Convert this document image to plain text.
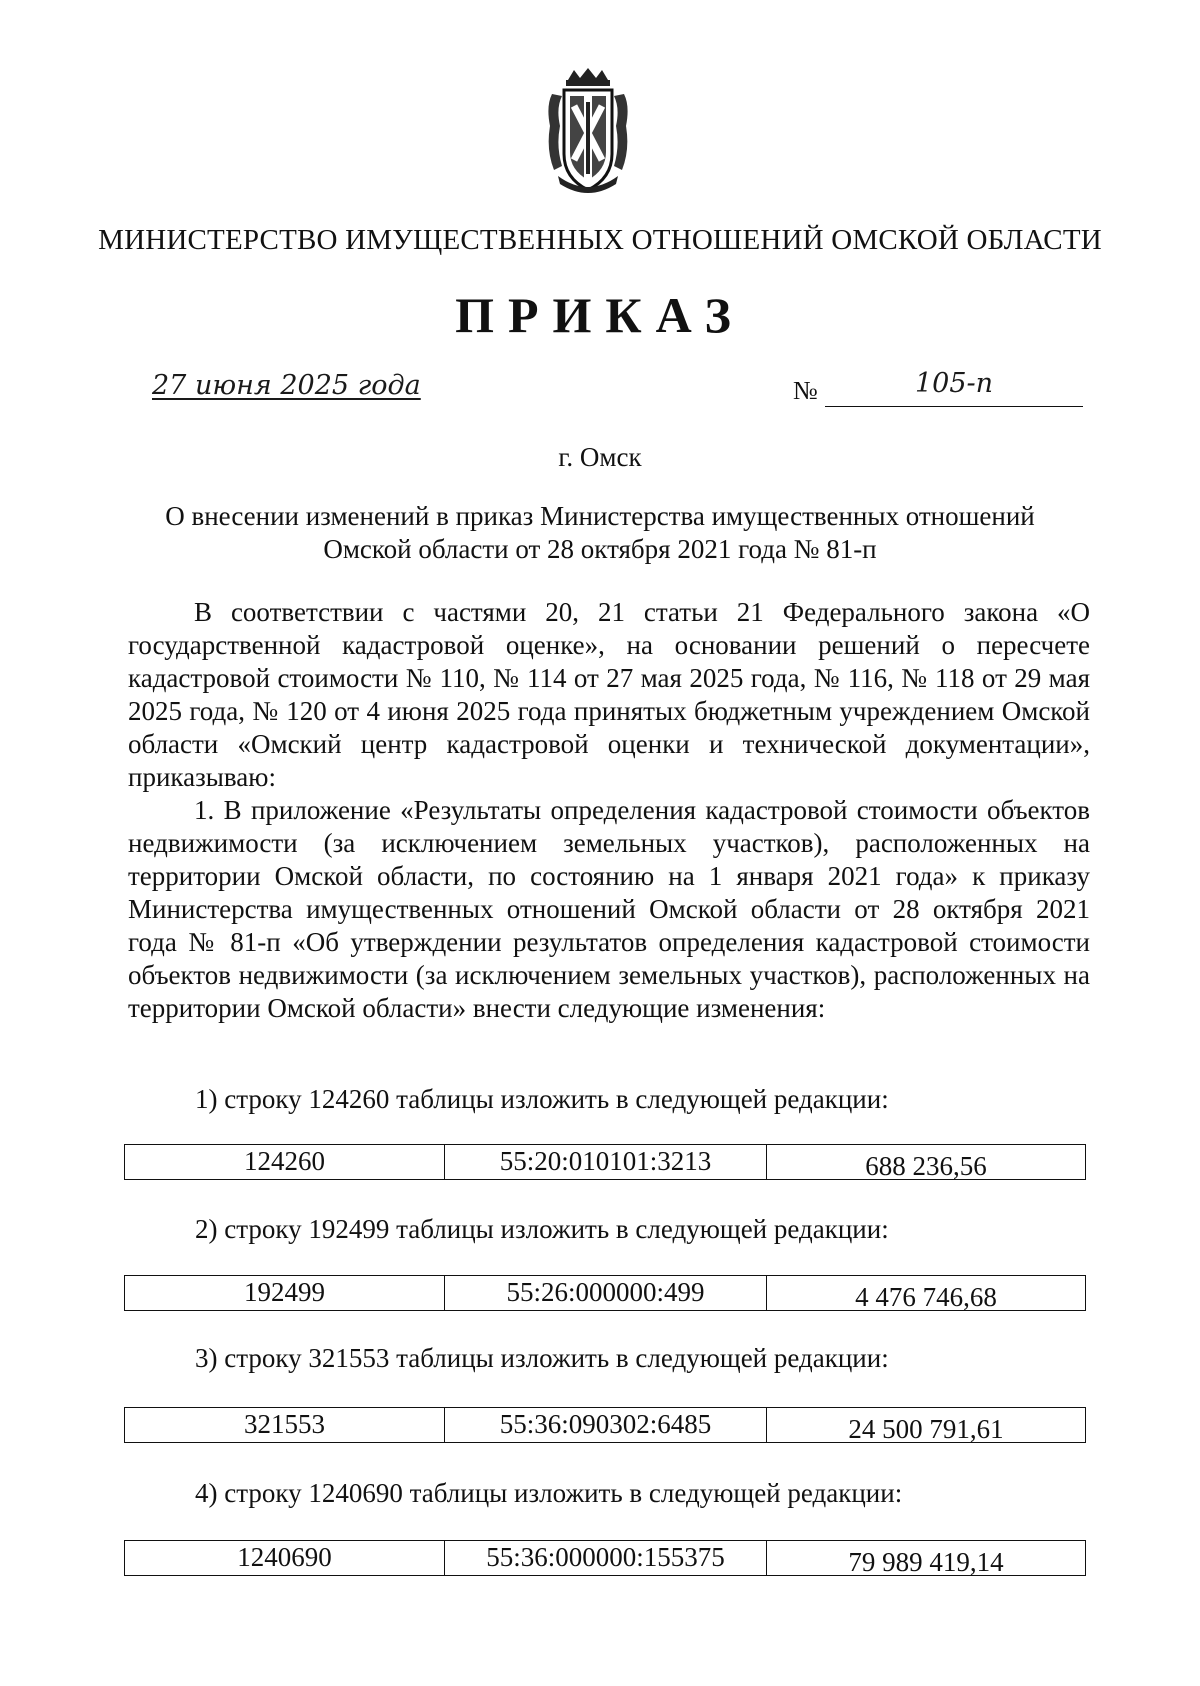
МИНИСТЕРСТВО ИМУЩЕСТВЕННЫХ ОТНОШЕНИЙ ОМСКОЙ ОБЛАСТИ
ПРИКАЗ
27 июня 2025 года	№	105-п
г. Омск
О внесении изменений в приказ Министерства имущественных отношений
Омской области от 28 октября 2021 года № 81-п

В соответствии с частями 20, 21 статьи 21 Федерального закона «О государственной кадастровой оценке», на основании решений о пересчете кадастровой стоимости № 110, № 114 от 27 мая 2025 года, № 116, № 118 от 29 мая 2025 года, № 120 от 4 июня 2025 года принятых бюджетным учреждением Омской области «Омский центр кадастровой оценки и технической документации», приказываю:

1. В приложение «Результаты определения кадастровой стоимости объектов недвижимости (за исключением земельных участков), расположенных на территории Омской области, по состоянию на 1 января 2021 года» к приказу Министерства имущественных отношений Омской области от 28 октября 2021 года № 81-п «Об утверждении результатов определения кадастровой стоимости объектов недвижимости (за исключением земельных участков), расположенных на территории Омской области» внести следующие изменения:

1) строку 124260 таблицы изложить в следующей редакции:
124260	55:20:010101:3213	688 236,56
2) строку 192499 таблицы изложить в следующей редакции:
192499	55:26:000000:499	4 476 746,68
3) строку 321553 таблицы изложить в следующей редакции:
321553	55:36:090302:6485	24 500 791,61
4) строку 1240690 таблицы изложить в следующей редакции:
1240690	55:36:000000:155375	79 989 419,14
